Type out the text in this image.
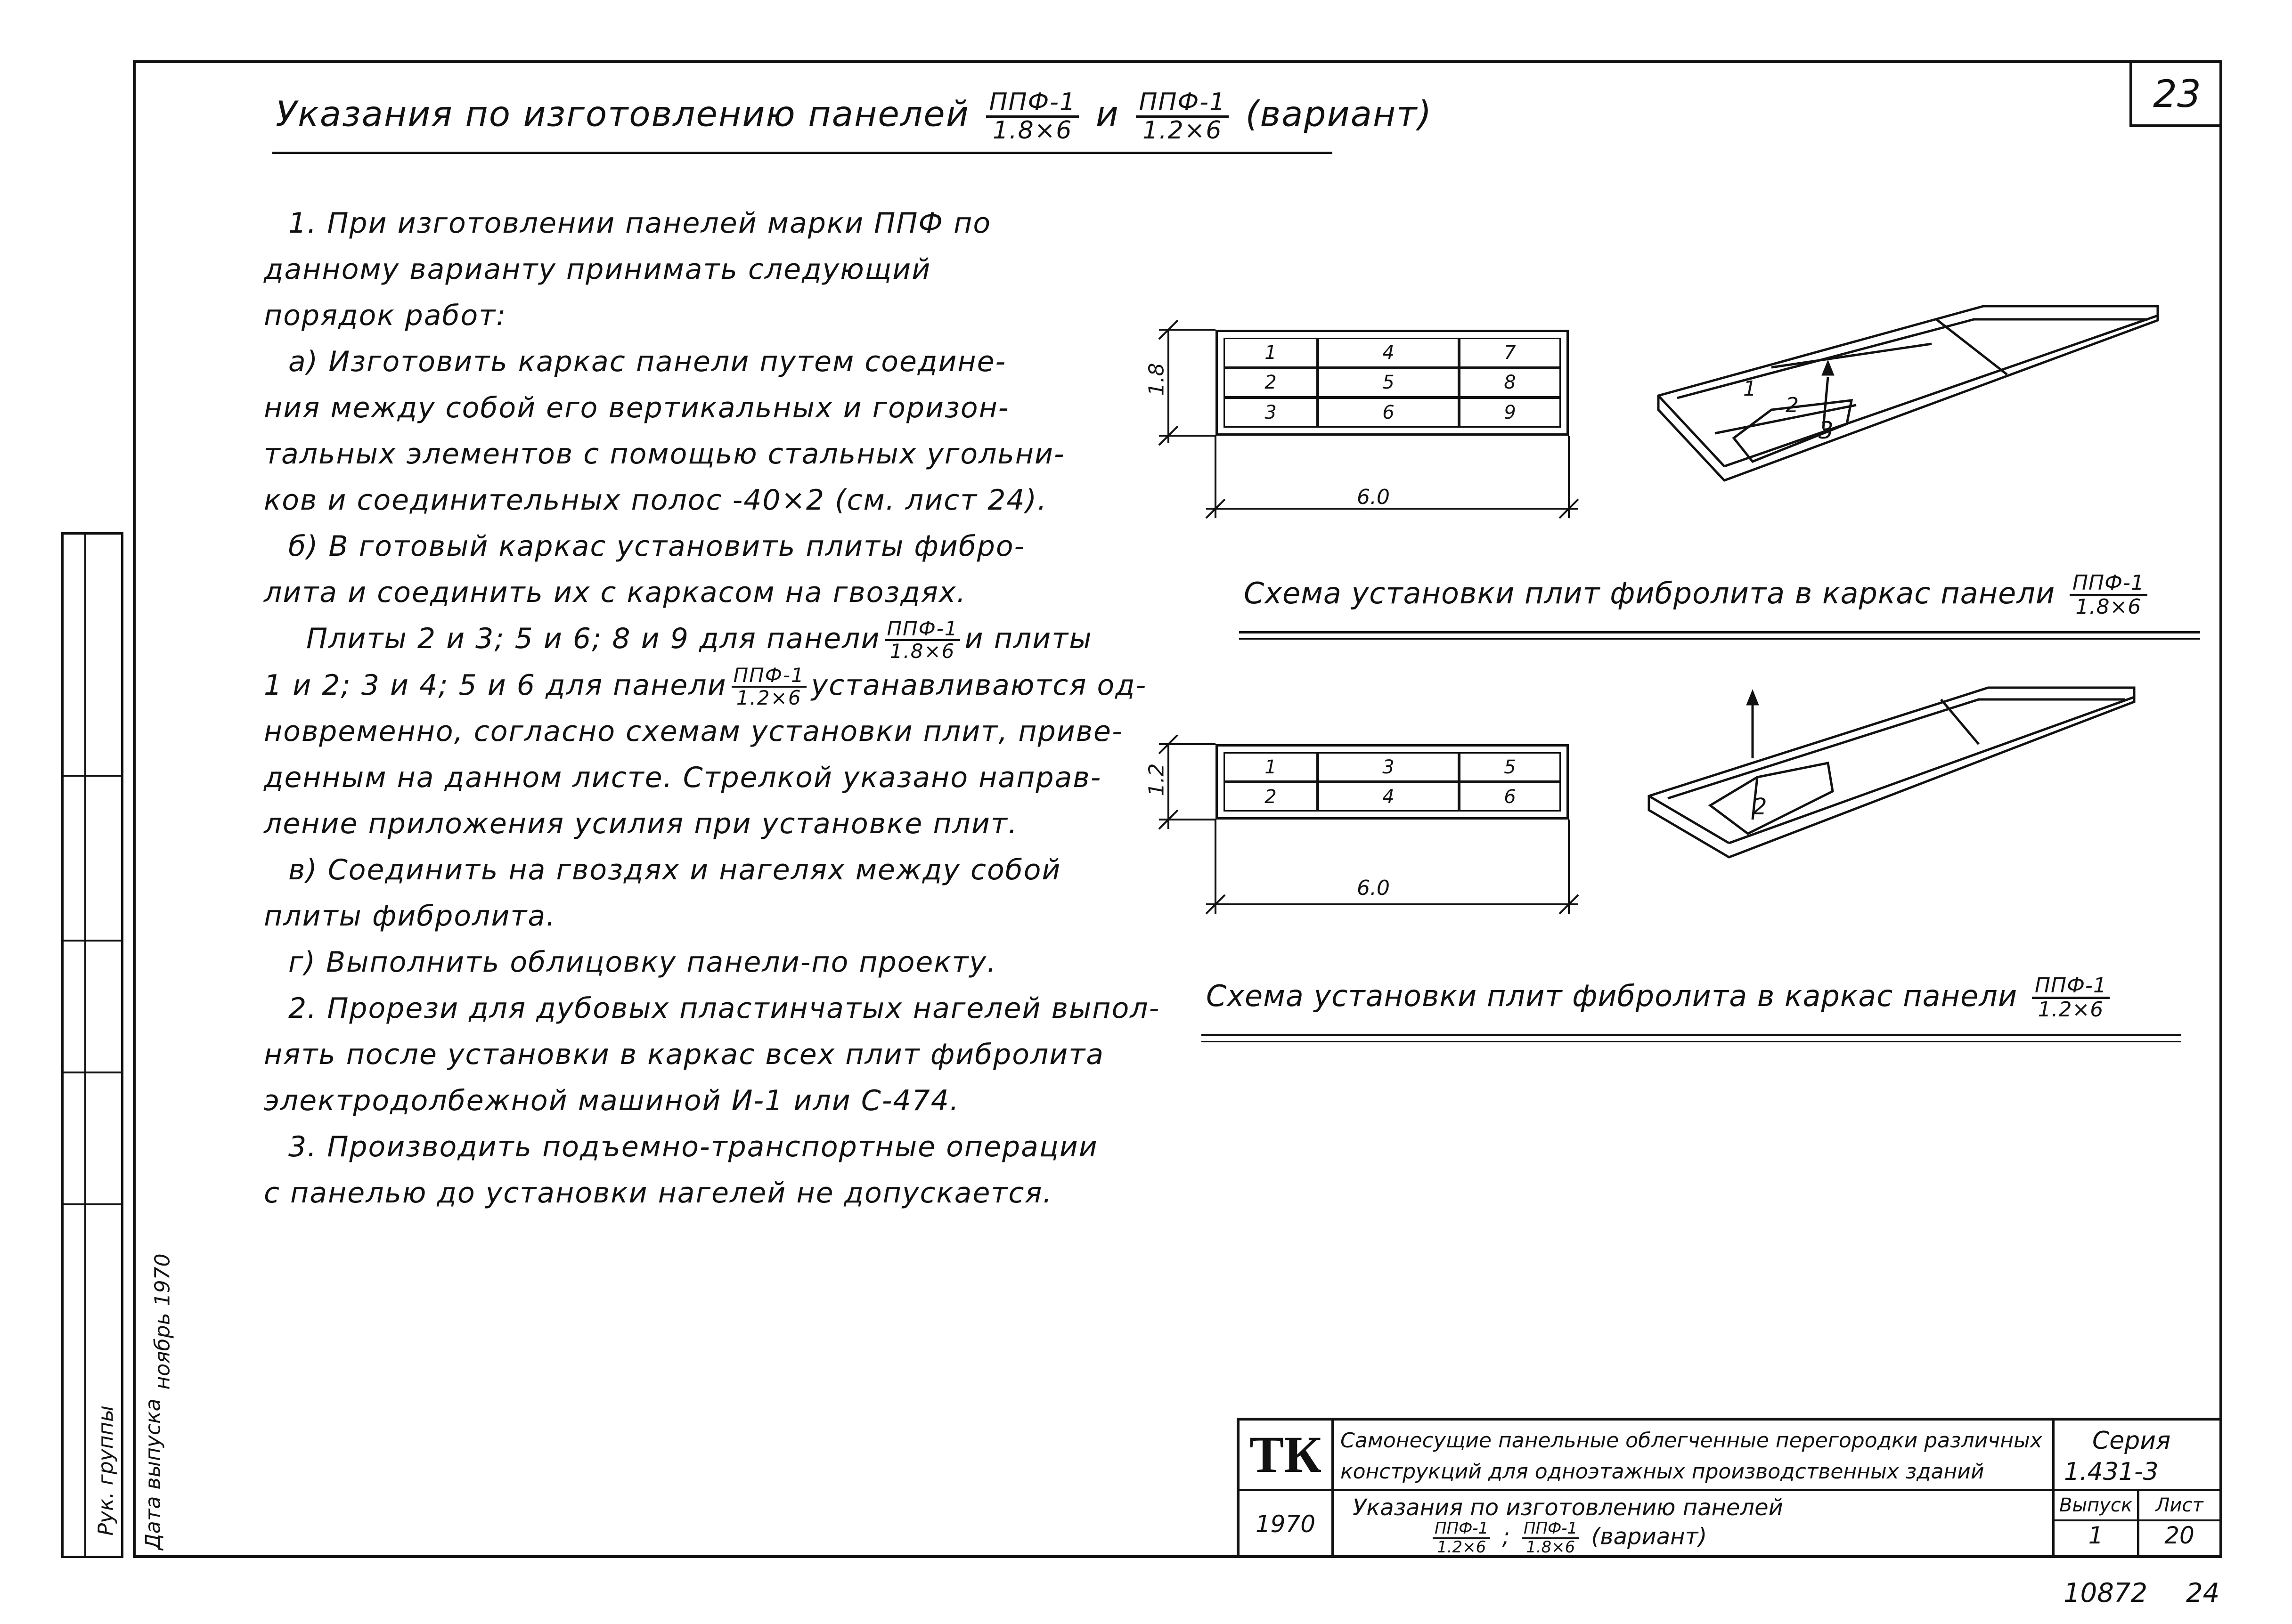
23
Рук. группы Дата выпуска
ноябрь 1970
Указания по изготовлению панелей $\frac{\text{ППФ-1}}{1.8\times 6}$ и $\frac{\text{ППФ-1}}{1.2\times 6}$ (вариант)

1. При изготовлении панелей марки ППФ по

данному варианту принимать следующий

порядок работ:

а) Изготовить каркас панели путем соедине-

ния между собой его вертикальных и горизон-

тальных элементов с помощью стальных угольни-

ков и соединительных полос -40×2 (см. лист 24).

б) В готовый каркас установить плиты фибро-

лита и соединить их с каркасом на гвоздях.

Плиты 2 и 3; 5 и 6; 8 и 9 для панели ППФ-1
1.8×6 и плиты

1 и 2; 3 и 4; 5 и 6 для панели ППФ-1
1.2×6 устанавливаются од-

новременно, согласно схемам установки плит, приве-

денным на данном листе. Стрелкой указано направ-

ление приложения усилия при установке плит.

в) Соединить на гвоздях и нагелях между собой

плиты фибролита.

г) Выполнить облицовку панели-по проекту.

2. Прорези для дубовых пластинчатых нагелей выпол-

нять после установки в каркас всех плит фибролита

электродолбежной машиной И-1 или С-474.

3. Производить подъемно-транспортные операции

с панелью до установки нагелей не допускается.

1	4	7
2	5	8
3	6	9
1.8
6.0
1
2
3
Схема установки плит фибролита в каркас панели $\frac{\text{ППФ-1}}{1.8\times 6}$
1	3	5
2	4	6
1.2
6.0
2
Схема установки плит фибролита в каркас панели $\frac{\text{ППФ-1}}{1.2\times 6}$
ТК Самонесущие панельные облегченные перегородки различных
конструкций для одноэтажных производственных зданий
Серия
1.431-3
1970
Указания по изготовлению панелей
ППФ-1
1.2×6 ; ППФ-1
1.8×6 (вариант)
Выпуск
1
Лист
20
10872 24
